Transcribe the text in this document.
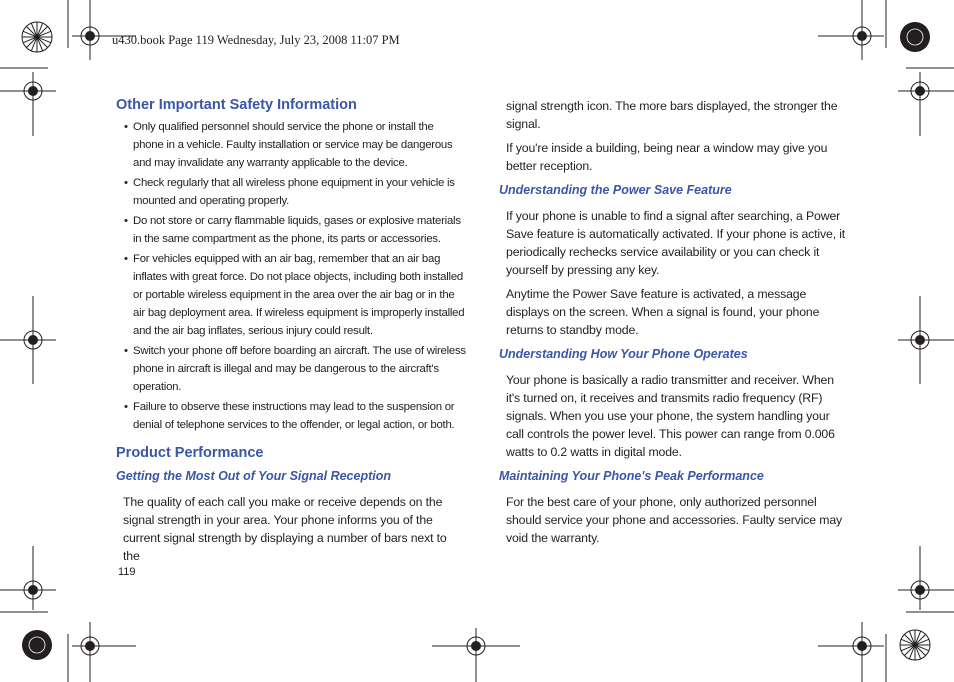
u430.book Page 119 Wednesday, July 23, 2008 11:07 PM
Other Important Safety Information
• Only qualified personnel should service the phone or install the phone in a vehicle. Faulty installation or service may be dangerous and may invalidate any warranty applicable to the device.
• Check regularly that all wireless phone equipment in your vehicle is mounted and operating properly.
• Do not store or carry flammable liquids, gases or explosive materials in the same compartment as the phone, its parts or accessories.
• For vehicles equipped with an air bag, remember that an air bag inflates with great force. Do not place objects, including both installed or portable wireless equipment in the area over the air bag or in the air bag deployment area. If wireless equipment is improperly installed and the air bag inflates, serious injury could result.
• Switch your phone off before boarding an aircraft. The use of wireless phone in aircraft is illegal and may be dangerous to the aircraft's operation.
• Failure to observe these instructions may lead to the suspension or denial of telephone services to the offender, or legal action, or both.
Product Performance
Getting the Most Out of Your Signal Reception

The quality of each call you make or receive depends on the signal strength in your area. Your phone informs you of the current signal strength by displaying a number of bars next to the

signal strength icon. The more bars displayed, the stronger the signal.

If you're inside a building, being near a window may give you better reception.

Understanding the Power Save Feature

If your phone is unable to find a signal after searching, a Power Save feature is automatically activated. If your phone is active, it periodically rechecks service availability or you can check it yourself by pressing any key.

Anytime the Power Save feature is activated, a message displays on the screen. When a signal is found, your phone returns to standby mode.

Understanding How Your Phone Operates

Your phone is basically a radio transmitter and receiver. When it's turned on, it receives and transmits radio frequency (RF) signals. When you use your phone, the system handling your call controls the power level. This power can range from 0.006 watts to 0.2 watts in digital mode.

Maintaining Your Phone's Peak Performance

For the best care of your phone, only authorized personnel should service your phone and accessories. Faulty service may void the warranty.

119
